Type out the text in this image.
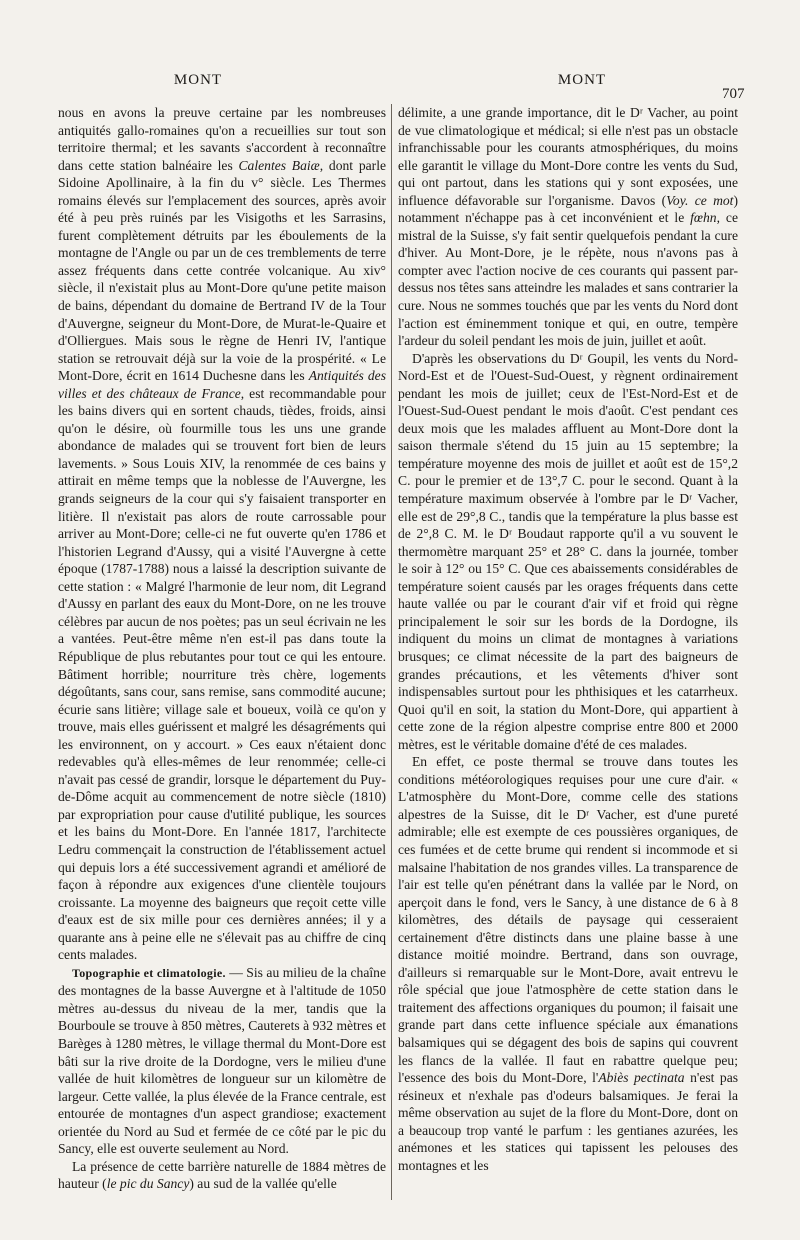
MONT	MONT
707

nous en avons la preuve certaine par les nombreuses antiquités gallo-romaines qu'on a recueillies sur tout son territoire thermal; et les savants s'accordent à reconnaître dans cette station balnéaire les Calentes Baiæ, dont parle Sidoine Apollinaire, à la fin du v° siècle. Les Thermes romains élevés sur l'emplacement des sources, après avoir été à peu près ruinés par les Visigoths et les Sarrasins, furent complètement détruits par les éboulements de la montagne de l'Angle ou par un de ces tremblements de terre assez fréquents dans cette contrée volcanique. Au xiv° siècle, il n'existait plus au Mont-Dore qu'une petite maison de bains, dépendant du domaine de Bertrand IV de la Tour d'Auvergne, seigneur du Mont-Dore, de Murat-le-Quaire et d'Olliergues. Mais sous le règne de Henri IV, l'antique station se retrouvait déjà sur la voie de la prospérité. « Le Mont-Dore, écrit en 1614 Duchesne dans les Antiquités des villes et des châteaux de France, est recommandable pour les bains divers qui en sortent chauds, tièdes, froids, ainsi qu'on le désire, où fourmille tous les uns une grande abondance de malades qui se trouvent fort bien de leurs lavements. » Sous Louis XIV, la renommée de ces bains y attirait en même temps que la noblesse de l'Auvergne, les grands seigneurs de la cour qui s'y faisaient transporter en litière. Il n'existait pas alors de route carrossable pour arriver au Mont-Dore; celle-ci ne fut ouverte qu'en 1786 et l'historien Legrand d'Aussy, qui a visité l'Auvergne à cette époque (1787-1788) nous a laissé la description suivante de cette station : « Malgré l'harmonie de leur nom, dit Legrand d'Aussy en parlant des eaux du Mont-Dore, on ne les trouve célèbres par aucun de nos poètes; pas un seul écrivain ne les a vantées. Peut-être même n'en est-il pas dans toute la République de plus rebutantes pour tout ce qui les entoure. Bâtiment horrible; nourriture très chère, logements dégoûtants, sans cour, sans remise, sans commodité aucune; écurie sans litière; village sale et boueux, voilà ce qu'on y trouve, mais elles guérissent et malgré les désagréments qui les environnent, on y accourt. » Ces eaux n'étaient donc redevables qu'à elles-mêmes de leur renommée; celle-ci n'avait pas cessé de grandir, lorsque le département du Puy-de-Dôme acquit au commencement de notre siècle (1810) par expropriation pour cause d'utilité publique, les sources et les bains du Mont-Dore. En l'année 1817, l'architecte Ledru commençait la construction de l'établissement actuel qui depuis lors a été successivement agrandi et amélioré de façon à répondre aux exigences d'une clientèle toujours croissante. La moyenne des baigneurs que reçoit cette ville d'eaux est de six mille pour ces dernières années; il y a quarante ans à peine elle ne s'élevait pas au chiffre de cinq cents malades.

Topographie et climatologie. — Sis au milieu de la chaîne des montagnes de la basse Auvergne et à l'altitude de 1050 mètres au-dessus du niveau de la mer, tandis que la Bourboule se trouve à 850 mètres, Cauterets à 932 mètres et Barèges à 1280 mètres, le village thermal du Mont-Dore est bâti sur la rive droite de la Dordogne, vers le milieu d'une vallée de huit kilomètres de longueur sur un kilomètre de largeur. Cette vallée, la plus élevée de la France centrale, est entourée de montagnes d'un aspect grandiose; exactement orientée du Nord au Sud et fermée de ce côté par le pic du Sancy, elle est ouverte seulement au Nord.

La présence de cette barrière naturelle de 1884 mètres de hauteur (le pic du Sancy) au sud de la vallée qu'elle

délimite, a une grande importance, dit le Dʳ Vacher, au point de vue climatologique et médical; si elle n'est pas un obstacle infranchissable pour les courants atmosphériques, du moins elle garantit le village du Mont-Dore contre les vents du Sud, qui ont partout, dans les stations qui y sont exposées, une influence défavorable sur l'organisme. Davos (Voy. ce mot) notamment n'échappe pas à cet inconvénient et le fœhn, ce mistral de la Suisse, s'y fait sentir quelquefois pendant la cure d'hiver. Au Mont-Dore, je le répète, nous n'avons pas à compter avec l'action nocive de ces courants qui passent par-dessus nos têtes sans atteindre les malades et sans contrarier la cure. Nous ne sommes touchés que par les vents du Nord dont l'action est éminemment tonique et qui, en outre, tempère l'ardeur du soleil pendant les mois de juin, juillet et août.

D'après les observations du Dʳ Goupil, les vents du Nord-Nord-Est et de l'Ouest-Sud-Ouest, y règnent ordinairement pendant les mois de juillet; ceux de l'Est-Nord-Est et de l'Ouest-Sud-Ouest pendant le mois d'août. C'est pendant ces deux mois que les malades affluent au Mont-Dore dont la saison thermale s'étend du 15 juin au 15 septembre; la température moyenne des mois de juillet et août est de 15°,2 C. pour le premier et de 13°,7 C. pour le second. Quant à la température maximum observée à l'ombre par le Dʳ Vacher, elle est de 29°,8 C., tandis que la température la plus basse est de 2°,8 C. M. le Dʳ Boudaut rapporte qu'il a vu souvent le thermomètre marquant 25° et 28° C. dans la journée, tomber le soir à 12° ou 15° C. Que ces abaissements considérables de température soient causés par les orages fréquents dans cette haute vallée ou par le courant d'air vif et froid qui règne principalement le soir sur les bords de la Dordogne, ils indiquent du moins un climat de montagnes à variations brusques; ce climat nécessite de la part des baigneurs de grandes précautions, et les vêtements d'hiver sont indispensables surtout pour les phthisiques et les catarrheux. Quoi qu'il en soit, la station du Mont-Dore, qui appartient à cette zone de la région alpestre comprise entre 800 et 2000 mètres, est le véritable domaine d'été de ces malades.

En effet, ce poste thermal se trouve dans toutes les conditions météorologiques requises pour une cure d'air. « L'atmosphère du Mont-Dore, comme celle des stations alpestres de la Suisse, dit le Dʳ Vacher, est d'une pureté admirable; elle est exempte de ces poussières organiques, de ces fumées et de cette brume qui rendent si incommode et si malsaine l'habitation de nos grandes villes. La transparence de l'air est telle qu'en pénétrant dans la vallée par le Nord, on aperçoit dans le fond, vers le Sancy, à une distance de 6 à 8 kilomètres, des détails de paysage qui cesseraient certainement d'être distincts dans une plaine basse à une distance moitié moindre. Bertrand, dans son ouvrage, d'ailleurs si remarquable sur le Mont-Dore, avait entrevu le rôle spécial que joue l'atmosphère de cette station dans le traitement des affections organiques du poumon; il faisait une grande part dans cette influence spéciale aux émanations balsamiques qui se dégagent des bois de sapins qui couvrent les flancs de la vallée. Il faut en rabattre quelque peu; l'essence des bois du Mont-Dore, l'Abiès pectinata n'est pas résineux et n'exhale pas d'odeurs balsamiques. Je ferai la même observation au sujet de la flore du Mont-Dore, dont on a beaucoup trop vanté le parfum : les gentianes azurées, les anémones et les statices qui tapissent les pelouses des montagnes et les
